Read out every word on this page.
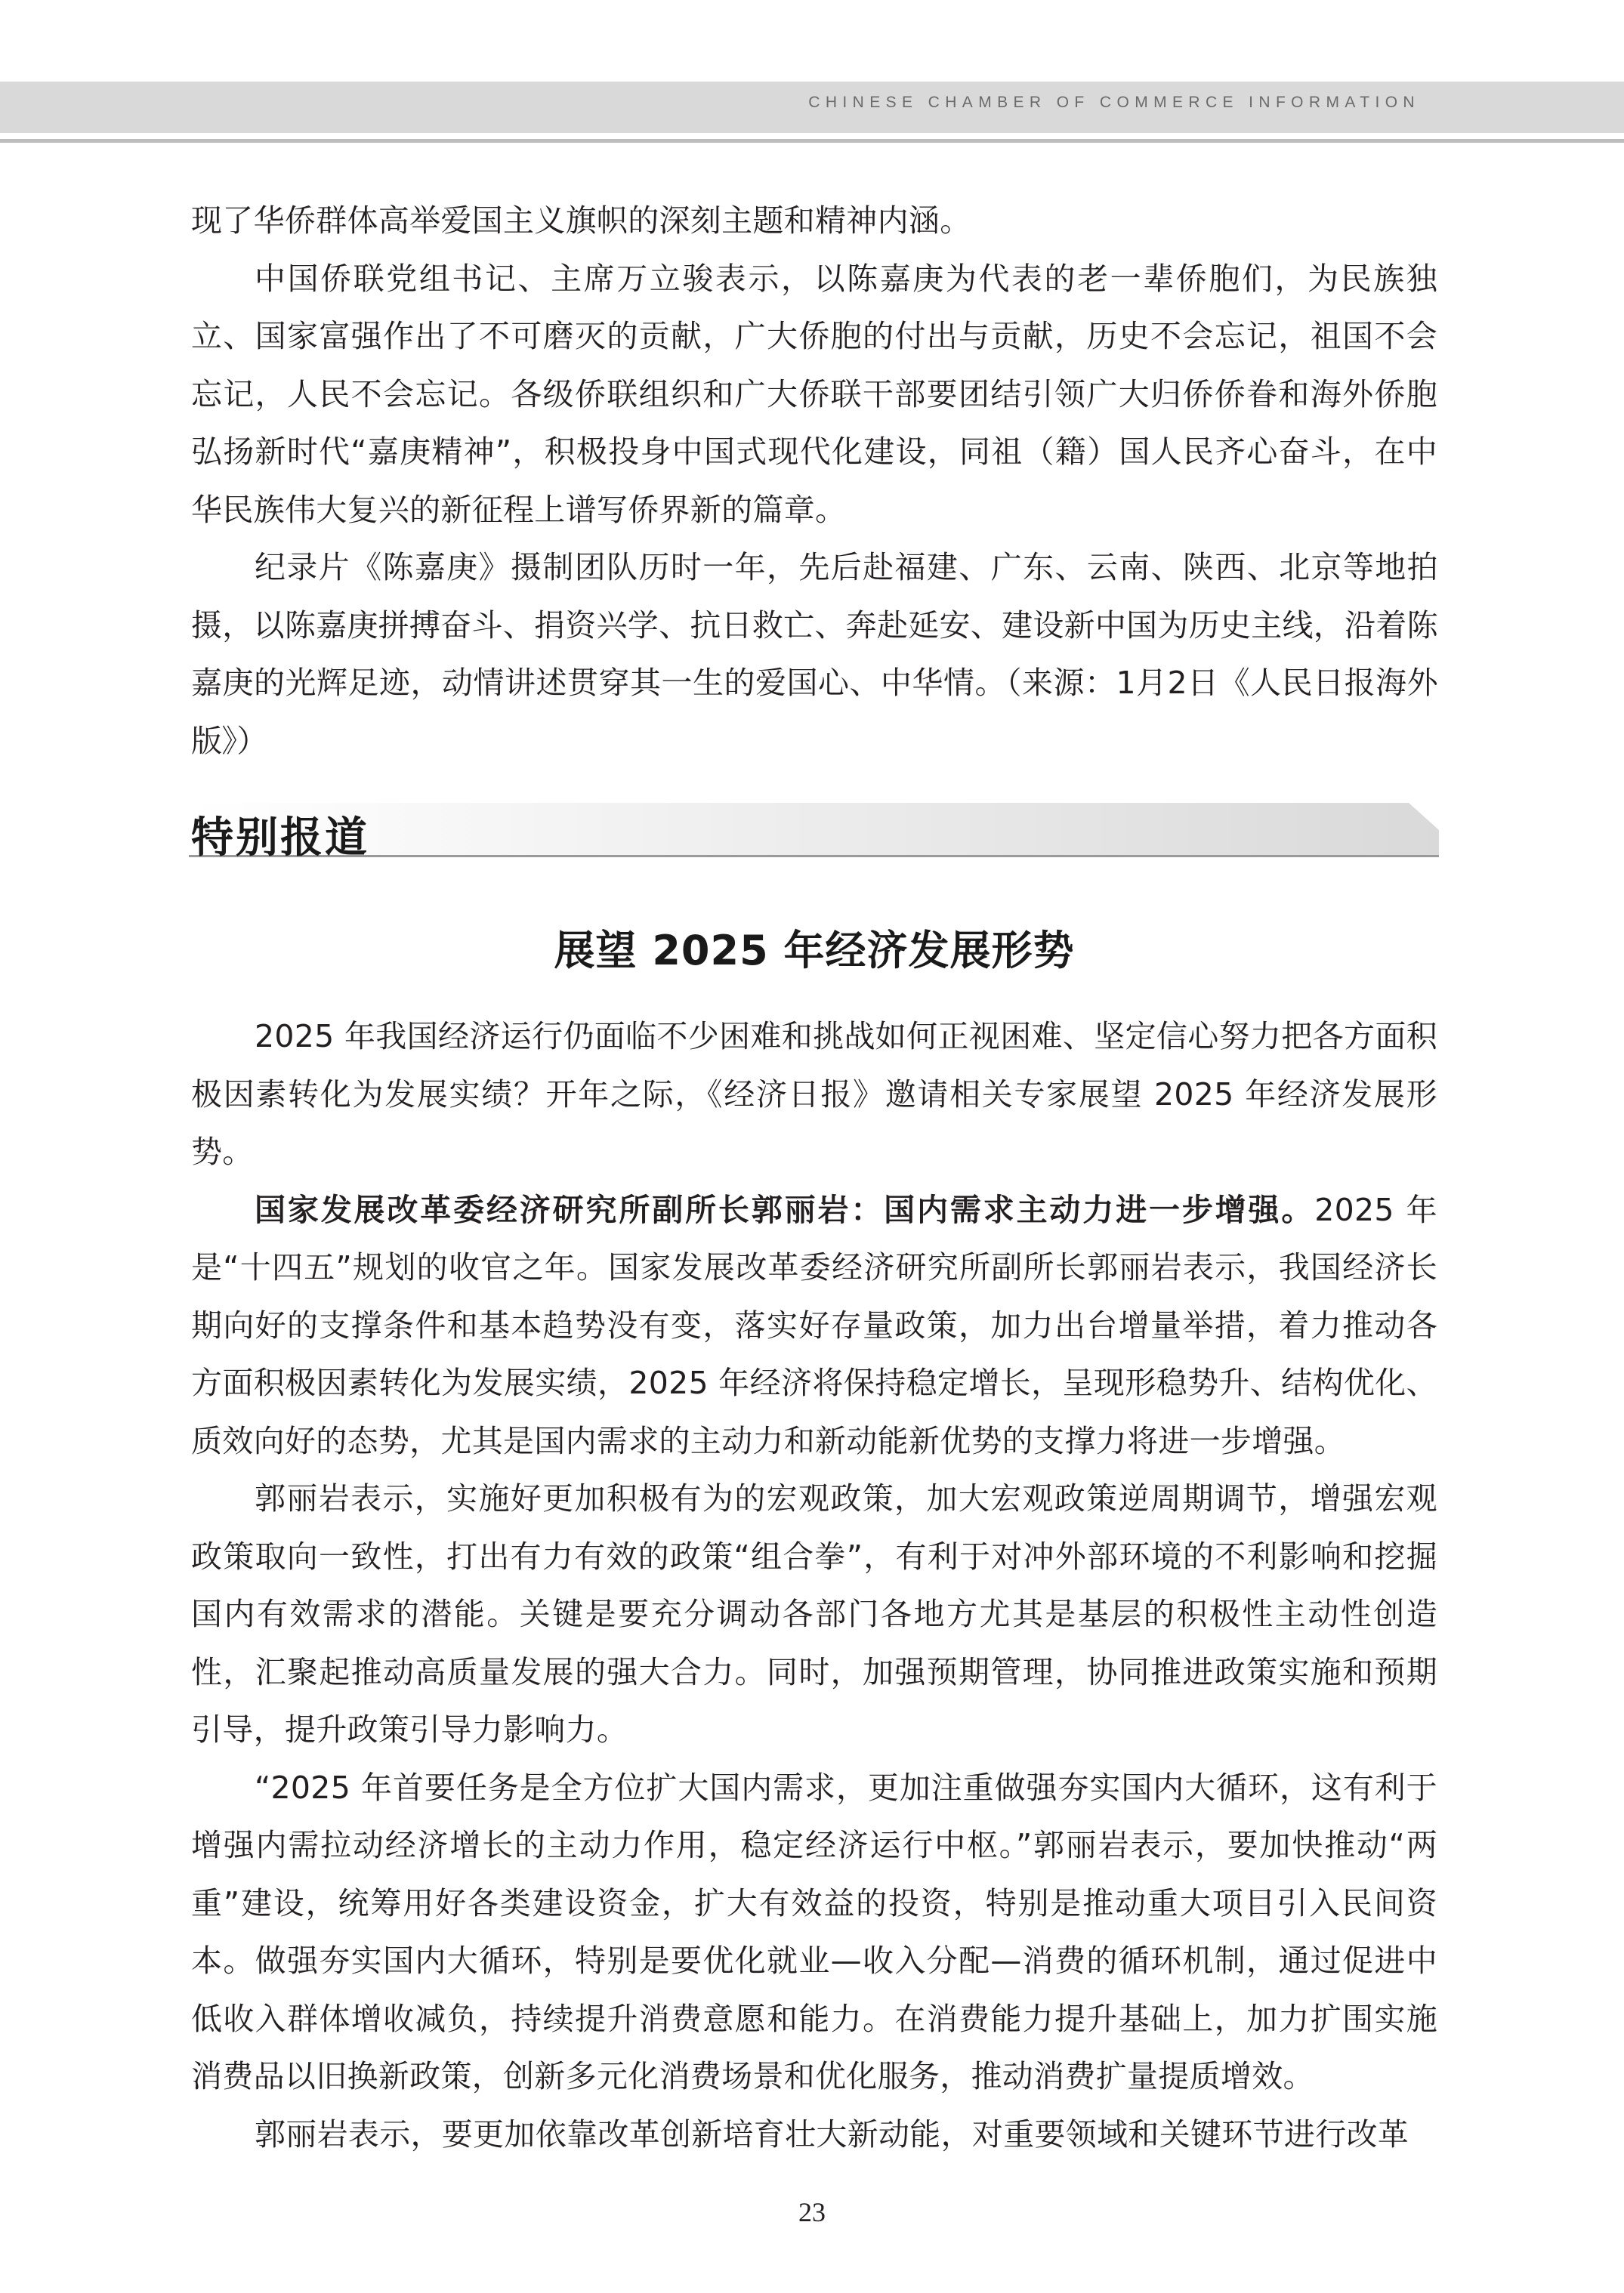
CHINESE CHAMBER OF COMMERCE INFORMATION

现了华侨群体高举爱国主义旗帜的深刻主题和精神内涵。

中国侨联党组书记、主席万立骏表示，以陈嘉庚为代表的老一辈侨胞们，为民族独立、国家富强作出了不可磨灭的贡献，广大侨胞的付出与贡献，历史不会忘记，祖国不会忘记，人民不会忘记。各级侨联组织和广大侨联干部要团结引领广大归侨侨眷和海外侨胞弘扬新时代“嘉庚精神”，积极投身中国式现代化建设，同祖（籍）国人民齐心奋斗，在中华民族伟大复兴的新征程上谱写侨界新的篇章。

纪录片《陈嘉庚》摄制团队历时一年，先后赴福建、广东、云南、陕西、北京等地拍摄，以陈嘉庚拼搏奋斗、捐资兴学、抗日救亡、奔赴延安、建设新中国为历史主线，沿着陈嘉庚的光辉足迹，动情讲述贯穿其一生的爱国心、中华情。（来源：1月2日《人民日报海外版》）

特别报道
展望 2025 年经济发展形势

2025 年我国经济运行仍面临不少困难和挑战如何正视困难、坚定信心努力把各方面积极因素转化为发展实绩？开年之际，《经济日报》邀请相关专家展望 2025 年经济发展形势。

国家发展改革委经济研究所副所长郭丽岩：国内需求主动力进一步增强。2025 年是“十四五”规划的收官之年。国家发展改革委经济研究所副所长郭丽岩表示，我国经济长期向好的支撑条件和基本趋势没有变，落实好存量政策，加力出台增量举措，着力推动各方面积极因素转化为发展实绩，2025 年经济将保持稳定增长，呈现形稳势升、结构优化、质效向好的态势，尤其是国内需求的主动力和新动能新优势的支撑力将进一步增强。

郭丽岩表示，实施好更加积极有为的宏观政策，加大宏观政策逆周期调节，增强宏观政策取向一致性，打出有力有效的政策“组合拳”，有利于对冲外部环境的不利影响和挖掘国内有效需求的潜能。关键是要充分调动各部门各地方尤其是基层的积极性主动性创造性，汇聚起推动高质量发展的强大合力。同时，加强预期管理，协同推进政策实施和预期引导，提升政策引导力影响力。

“2025 年首要任务是全方位扩大国内需求，更加注重做强夯实国内大循环，这有利于增强内需拉动经济增长的主动力作用，稳定经济运行中枢。”郭丽岩表示，要加快推动“两重”建设，统筹用好各类建设资金，扩大有效益的投资，特别是推动重大项目引入民间资本。做强夯实国内大循环，特别是要优化就业—收入分配—消费的循环机制，通过促进中低收入群体增收减负，持续提升消费意愿和能力。在消费能力提升基础上，加力扩围实施消费品以旧换新政策，创新多元化消费场景和优化服务，推动消费扩量提质增效。

郭丽岩表示，要更加依靠改革创新培育壮大新动能，对重要领域和关键环节进行改革

23
